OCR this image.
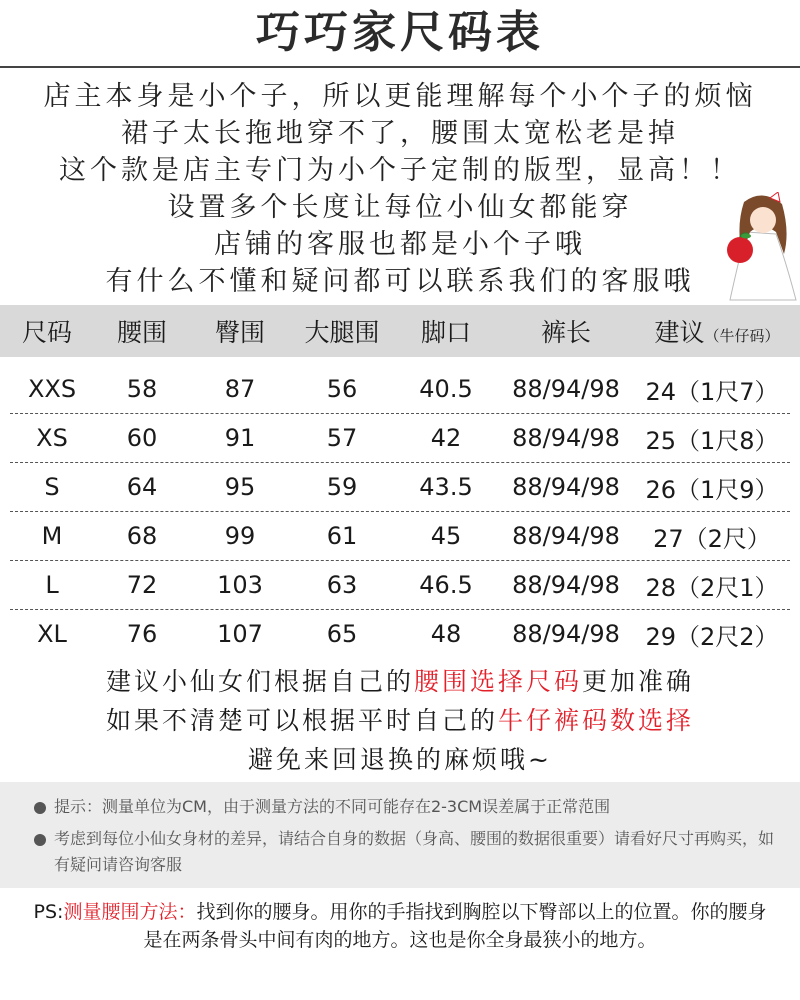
巧巧家尺码表
店主本身是小个子，所以更能理解每个小个子的烦恼
裙子太长拖地穿不了，腰围太宽松老是掉
这个款是店主专门为小个子定制的版型，显高！！
设置多个长度让每位小仙女都能穿
店铺的客服也都是小个子哦
有什么不懂和疑问都可以联系我们的客服哦
尺码	腰围	臀围	大腿围	脚口	裤长	建议（牛仔码）
XXS	58	87	56	40.5	88/94/98	24（1尺7）
XS	60	91	57	42	88/94/98	25（1尺8）
S	64	95	59	43.5	88/94/98	26（1尺9）
M	68	99	61	45	88/94/98	27（2尺）
L	72	103	63	46.5	88/94/98	28（2尺1）
XL	76	107	65	48	88/94/98	29（2尺2）
建议小仙女们根据自己的腰围选择尺码更加准确
如果不清楚可以根据平时自己的牛仔裤码数选择
避免来回退换的麻烦哦~
提示：测量单位为CM，由于测量方法的不同可能存在2-3CM误差属于正常范围
考虑到每位小仙女身材的差异，请结合自身的数据（身高、腰围的数据很重要）请看好尺寸再购买，如有疑问请咨询客服
PS:测量腰围方法：找到你的腰身。用你的手指找到胸腔以下臀部以上的位置。你的腰身是在两条骨头中间有肉的地方。这也是你全身最狭小的地方。
